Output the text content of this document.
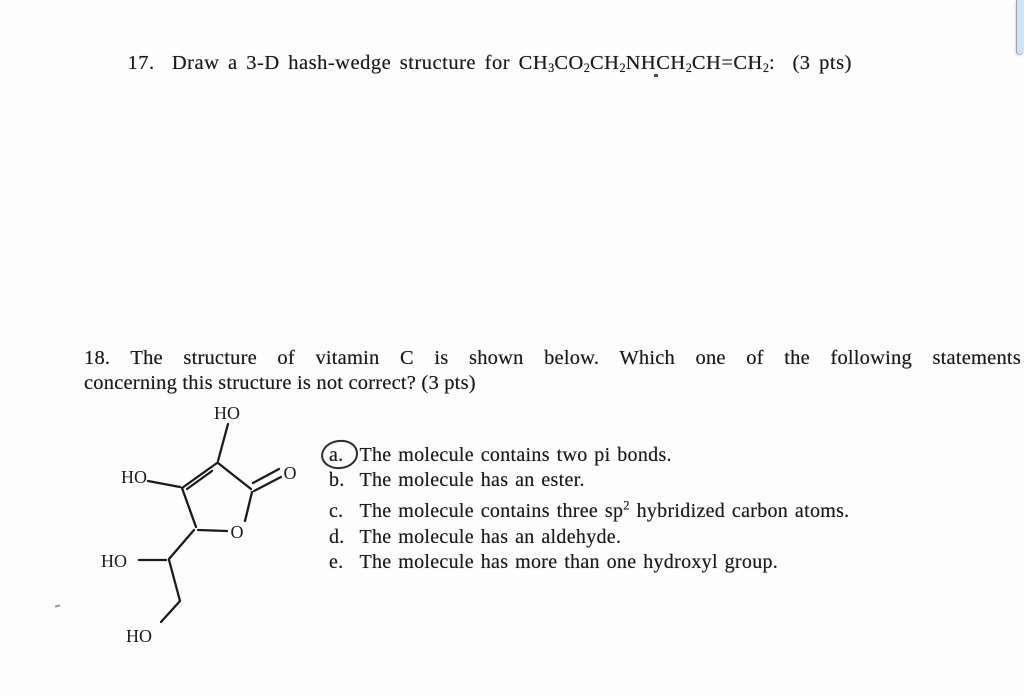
17.  Draw a 3-D hash-wedge structure for $CH_3CO_2CH_2NHCH_2CH=CH_2$:  (3 pts)

18. The structure of vitamin C is shown below. Which one of the following statements
concerning this structure is not correct? (3 pts)
HO
HO	O
O
HO
HO
a. The molecule contains two pi bonds.
b. The molecule has an ester.
c. The molecule contains three $sp^2$ hybridized carbon atoms.
d. The molecule has an aldehyde.
e. The molecule has more than one hydroxyl group.
